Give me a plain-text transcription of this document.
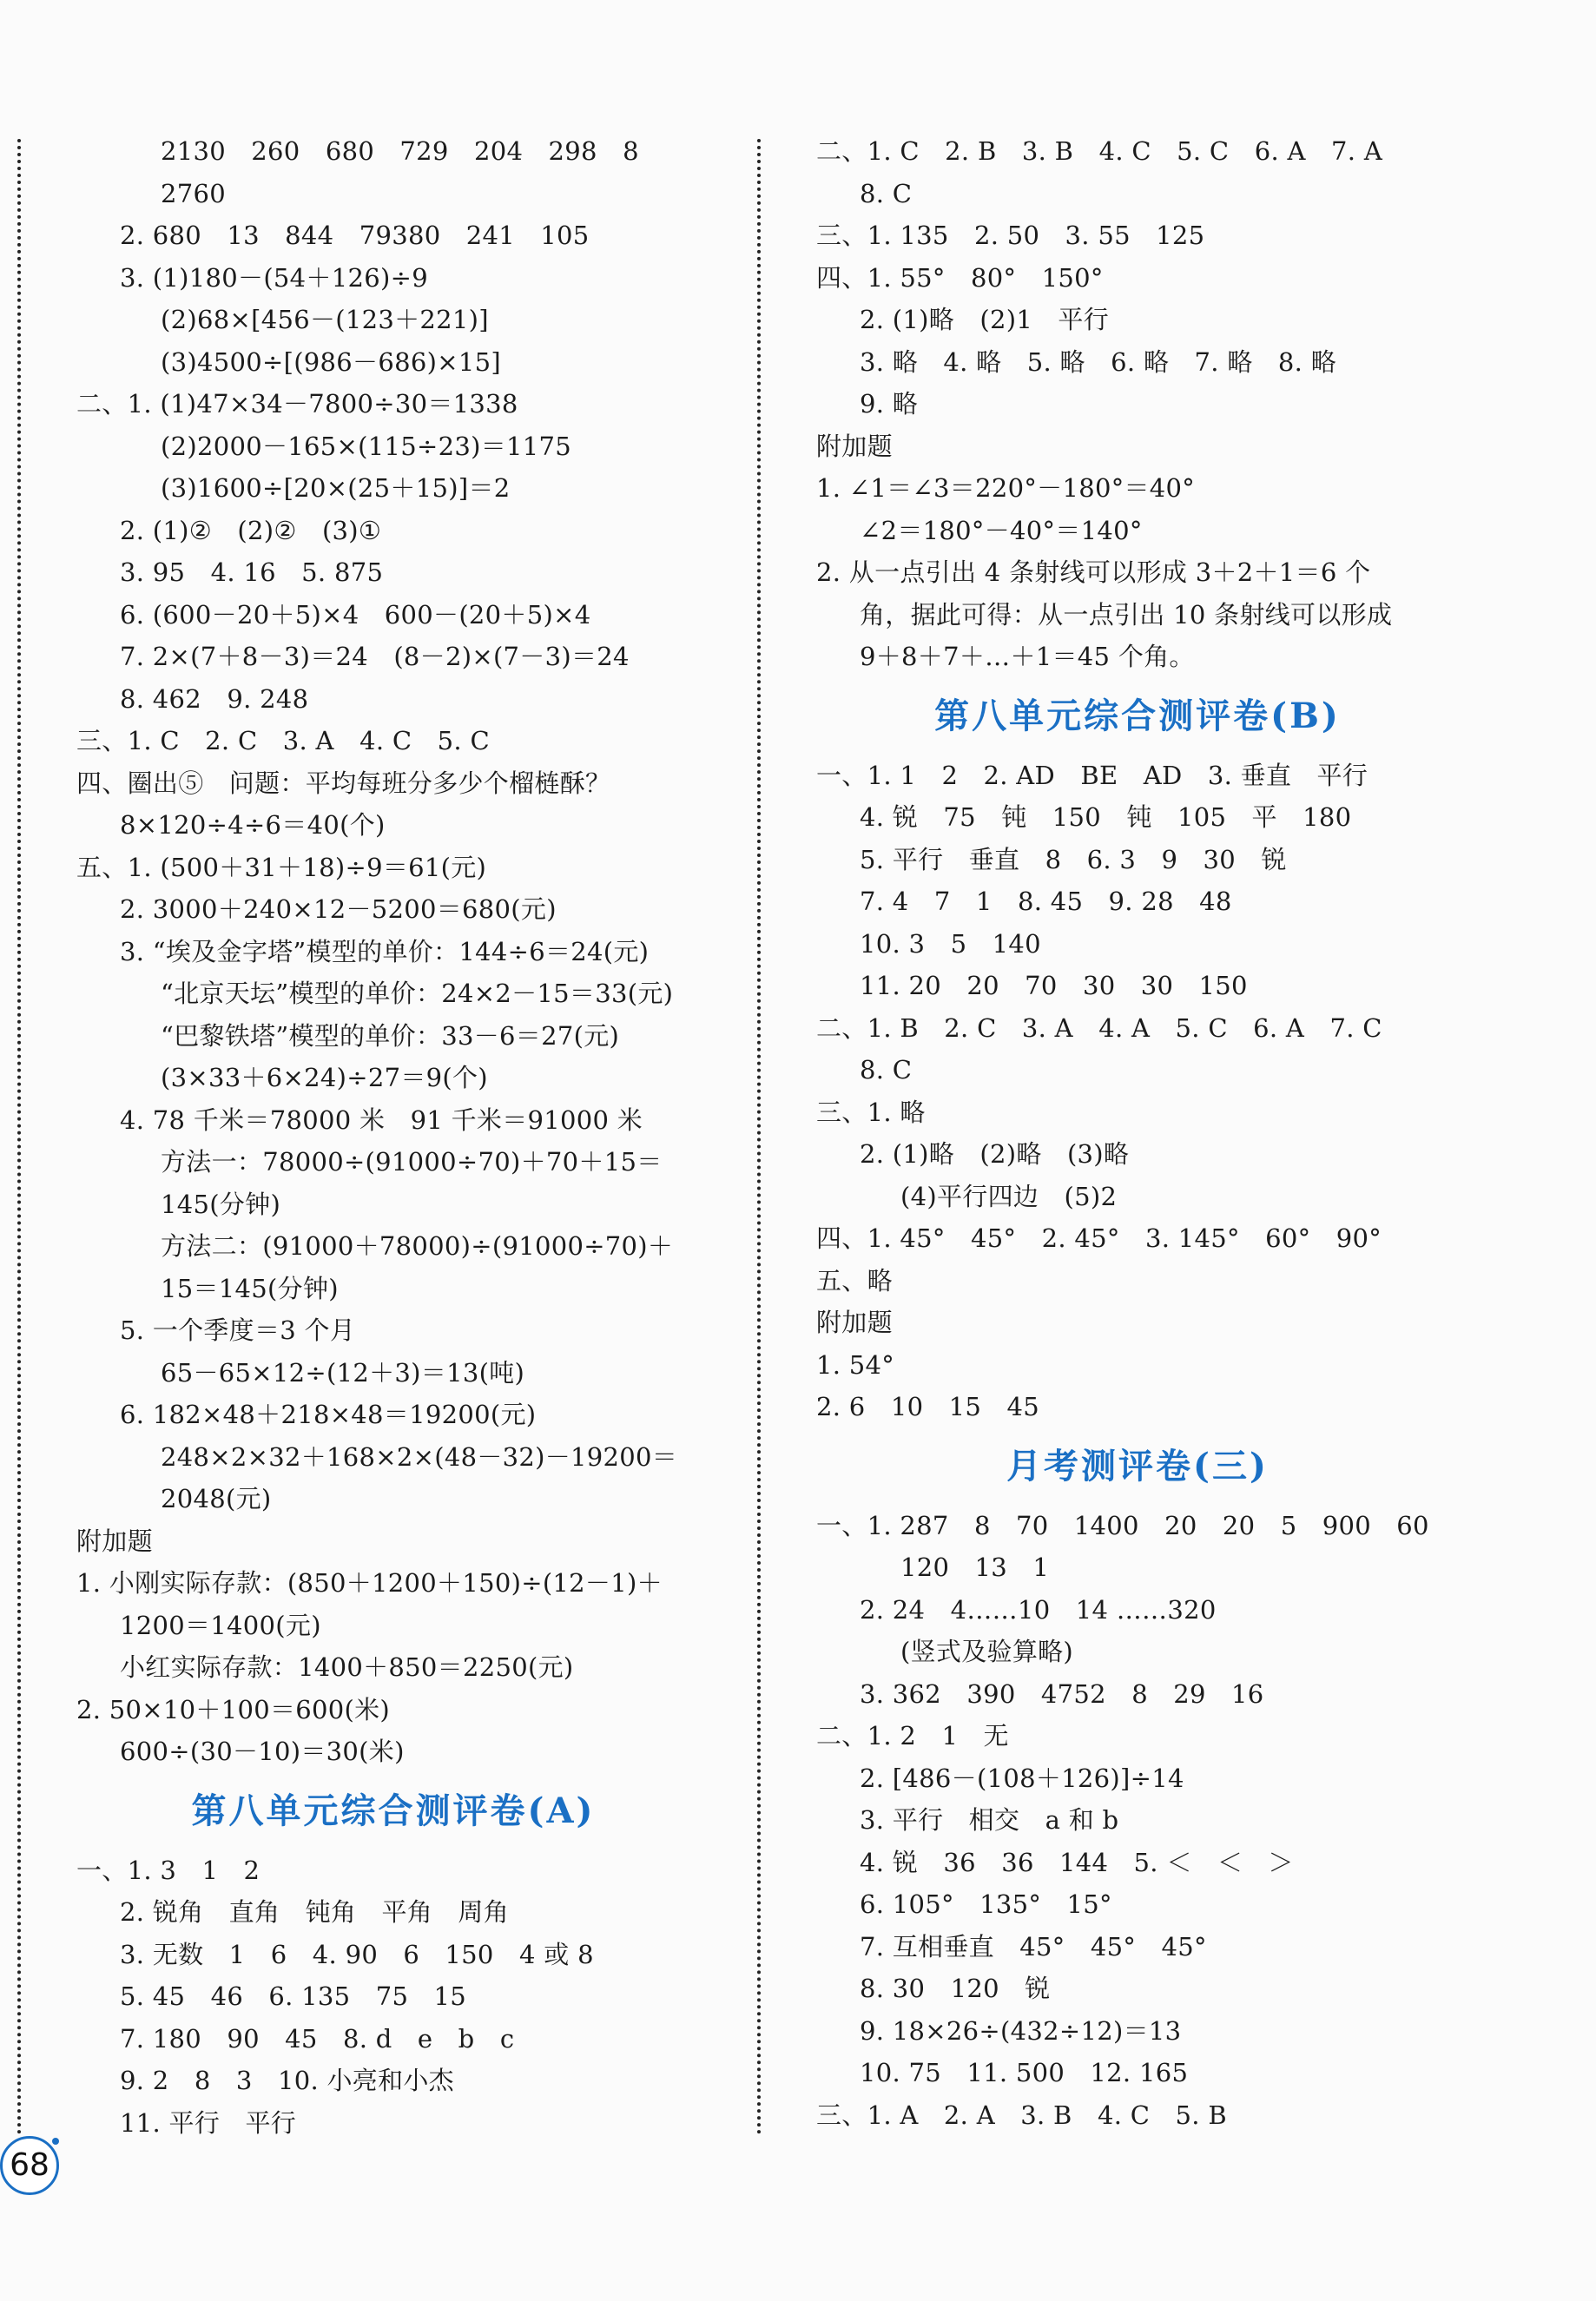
2130　260　680　729　204　298　8
2760
2. 680　13　844　79380　241　105
3. (1)180－(54＋126)÷9
(2)68×[456－(123＋221)]
(3)4500÷[(986－686)×15]
二、1. (1)47×34－7800÷30＝1338
(2)2000－165×(115÷23)＝1175
(3)1600÷[20×(25＋15)]＝2
2. (1)②　(2)②　(3)①
3. 95　4. 16　5. 875
6. (600－20＋5)×4　600－(20＋5)×4
7. 2×(7＋8－3)＝24　(8－2)×(7－3)＝24
8. 462　9. 248
三、1. C　2. C　3. A　4. C　5. C
四、圈出⑤　问题：平均每班分多少个榴梿酥？
8×120÷4÷6＝40(个)
五、1. (500＋31＋18)÷9＝61(元)
2. 3000＋240×12－5200＝680(元)
3. “埃及金字塔”模型的单价：144÷6＝24(元)
“北京天坛”模型的单价：24×2－15＝33(元)
“巴黎铁塔”模型的单价：33－6＝27(元)
(3×33＋6×24)÷27＝9(个)
4. 78 千米＝78000 米　91 千米＝91000 米
方法一：78000÷(91000÷70)＋70＋15＝
145(分钟)
方法二：(91000＋78000)÷(91000÷70)＋
15＝145(分钟)
5. 一个季度＝3 个月
65－65×12÷(12＋3)＝13(吨)
6. 182×48＋218×48＝19200(元)
248×2×32＋168×2×(48－32)－19200＝
2048(元)
附加题
1. 小刚实际存款：(850＋1200＋150)÷(12－1)＋
1200＝1400(元)
小红实际存款：1400＋850＝2250(元)
2. 50×10＋100＝600(米)
600÷(30－10)＝30(米)
第八单元综合测评卷(A)
一、1. 3　1　2
2. 锐角　直角　钝角　平角　周角
3. 无数　1　6　4. 90　6　150　4 或 8
5. 45　46　6. 135　75　15
7. 180　90　45　8. d　e　b　c
9. 2　8　3　10. 小亮和小杰
11. 平行　平行
二、1. C　2. B　3. B　4. C　5. C　6. A　7. A
8. C
三、1. 135　2. 50　3. 55　125
四、1. 55°　80°　150°
2. (1)略　(2)1　平行
3. 略　4. 略　5. 略　6. 略　7. 略　8. 略
9. 略
附加题
1. ∠1＝∠3＝220°－180°＝40°
∠2＝180°－40°＝140°
2. 从一点引出 4 条射线可以形成 3＋2＋1＝6 个
角，据此可得：从一点引出 10 条射线可以形成
9＋8＋7＋…＋1＝45 个角。
第八单元综合测评卷(B)
一、1. 1　2　2. AD　BE　AD　3. 垂直　平行
4. 锐　75　钝　150　钝　105　平　180
5. 平行　垂直　8　6. 3　9　30　锐
7. 4　7　1　8. 45　9. 28　48
10. 3　5　140
11. 20　20　70　30　30　150
二、1. B　2. C　3. A　4. A　5. C　6. A　7. C
8. C
三、1. 略
2. (1)略　(2)略　(3)略
(4)平行四边　(5)2
四、1. 45°　45°　2. 45°　3. 145°　60°　90°
五、略
附加题
1. 54°
2. 6　10　15　45
月考测评卷(三)
一、1. 287　8　70　1400　20　20　5　900　60
120　13　1
2. 24　4……10　14 ……320
(竖式及验算略)
3. 362　390　4752　8　29　16
二、1. 2　1　无
2. [486－(108＋126)]÷14
3. 平行　相交　a 和 b
4. 锐　36　36　144　5. ＜　＜　＞
6. 105°　135°　15°
7. 互相垂直　45°　45°　45°
8. 30　120　锐
9. 18×26÷(432÷12)＝13
10. 75　11. 500　12. 165
三、1. A　2. A　3. B　4. C　5. B
68
